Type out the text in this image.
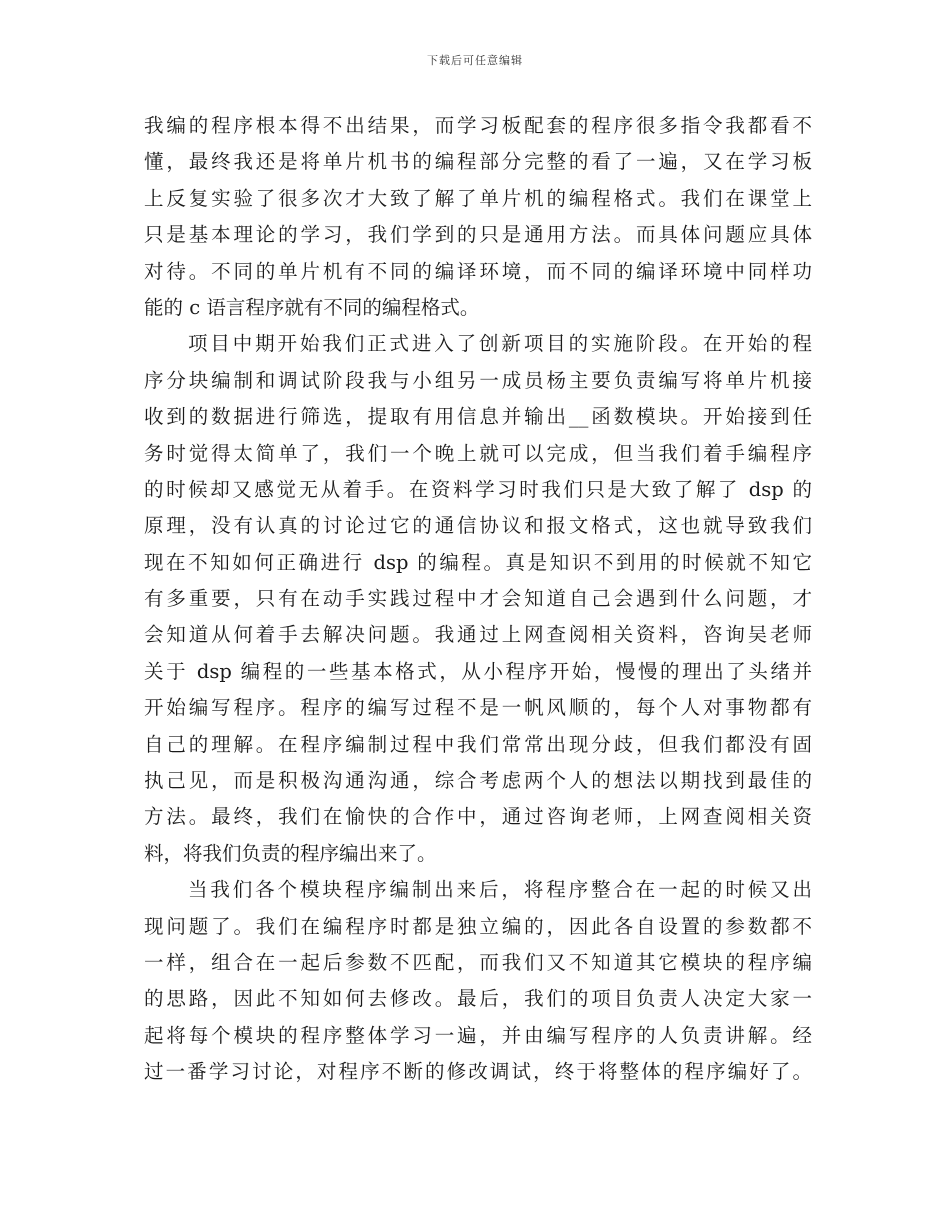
下载后可任意编辑
我编的程序根本得不出结果，而学习板配套的程序很多指令我都看不
懂，最终我还是将单片机书的编程部分完整的看了一遍，又在学习板
上反复实验了很多次才大致了解了单片机的编程格式。我们在课堂上
只是基本理论的学习，我们学到的只是通用方法。而具体问题应具体
对待。不同的单片机有不同的编译环境，而不同的编译环境中同样功
能的 c 语言程序就有不同的编程格式。
项目中期开始我们正式进入了创新项目的实施阶段。在开始的程
序分块编制和调试阶段我与小组另一成员杨主要负责编写将单片机接
收到的数据进行筛选，提取有用信息并输出__函数模块。开始接到任
务时觉得太简单了，我们一个晚上就可以完成，但当我们着手编程序
的时候却又感觉无从着手。在资料学习时我们只是大致了解了 dsp 的
原理，没有认真的讨论过它的通信协议和报文格式，这也就导致我们
现在不知如何正确进行 dsp 的编程。真是知识不到用的时候就不知它
有多重要，只有在动手实践过程中才会知道自己会遇到什么问题，才
会知道从何着手去解决问题。我通过上网查阅相关资料，咨询吴老师
关于 dsp 编程的一些基本格式，从小程序开始，慢慢的理出了头绪并
开始编写程序。程序的编写过程不是一帆风顺的，每个人对事物都有
自己的理解。在程序编制过程中我们常常出现分歧，但我们都没有固
执己见，而是积极沟通沟通，综合考虑两个人的想法以期找到最佳的
方法。最终，我们在愉快的合作中，通过咨询老师，上网查阅相关资
料，将我们负责的程序编出来了。
当我们各个模块程序编制出来后，将程序整合在一起的时候又出
现问题了。我们在编程序时都是独立编的，因此各自设置的参数都不
一样，组合在一起后参数不匹配，而我们又不知道其它模块的程序编
的思路，因此不知如何去修改。最后，我们的项目负责人决定大家一
起将每个模块的程序整体学习一遍，并由编写程序的人负责讲解。经
过一番学习讨论，对程序不断的修改调试，终于将整体的程序编好了。
